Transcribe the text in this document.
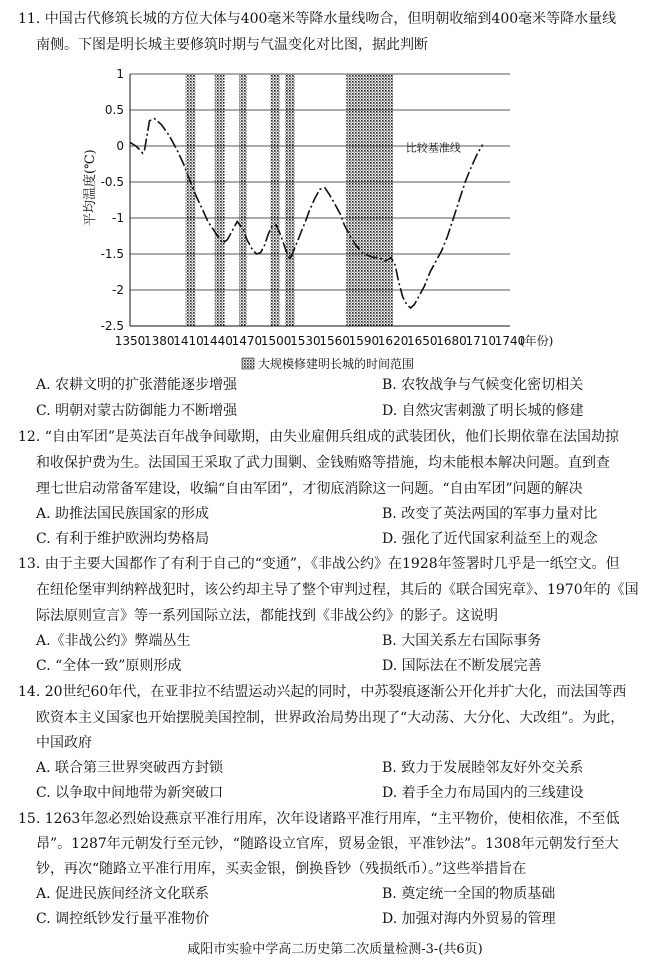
11. 中国古代修筑长城的方位大体与400毫米等降水量线吻合，但明朝收缩到400毫米等降水量线
南侧。下图是明长城主要修筑时期与气温变化对比图，据此判断
1
0.5
0
-0.5
-1
-1.5
-2
-2.5
1350
1380
1410
1440
1470
1500
1530
1560
1590
1620
1650
1680
1710
1740
比较基准线
平均温度(℃)
(年份)
大规模修建明长城的时间范围
A. 农耕文明的扩张潜能逐步增强	B. 农牧战争与气候变化密切相关
C. 明朝对蒙古防御能力不断增强	D. 自然灾害刺激了明长城的修建
12. “自由军团”是英法百年战争间歇期，由失业雇佣兵组成的武装团伙，他们长期依靠在法国劫掠
和收保护费为生。法国国王采取了武力围剿、金钱贿赂等措施，均未能根本解决问题。直到查
理七世启动常备军建设，收编“自由军团”，才彻底消除这一问题。“自由军团”问题的解决
A. 助推法国民族国家的形成	B. 改变了英法两国的军事力量对比
C. 有利于维护欧洲均势格局	D. 强化了近代国家利益至上的观念
13. 由于主要大国都作了有利于自己的“变通”，《非战公约》在1928年签署时几乎是一纸空文。但
在纽伦堡审判纳粹战犯时，该公约却主导了整个审判过程，其后的《联合国宪章》、1970年的《国
际法原则宣言》等一系列国际立法，都能找到《非战公约》的影子。这说明
A.《非战公约》弊端丛生	B. 大国关系左右国际事务
C. “全体一致”原则形成	D. 国际法在不断发展完善
14. 20世纪60年代，在亚非拉不结盟运动兴起的同时，中苏裂痕逐渐公开化并扩大化，而法国等西
欧资本主义国家也开始摆脱美国控制，世界政治局势出现了“大动荡、大分化、大改组”。为此，
中国政府
A. 联合第三世界突破西方封锁	B. 致力于发展睦邻友好外交关系
C. 以争取中间地带为新突破口	D. 着手全力布局国内的三线建设
15. 1263年忽必烈始设燕京平准行用库，次年设诸路平准行用库，“主平物价，使相依准，不至低
昂”。1287年元朝发行至元钞，“随路设立官库，贸易金银，平准钞法”。1308年元朝发行至大
钞，再次“随路立平准行用库，买卖金银，倒换昏钞（残损纸币）。”这些举措旨在
A. 促进民族间经济文化联系	B. 奠定统一全国的物质基础
C. 调控纸钞发行量平准物价	D. 加强对海内外贸易的管理
咸阳市实验中学高二历史第二次质量检测-3-(共6页)
